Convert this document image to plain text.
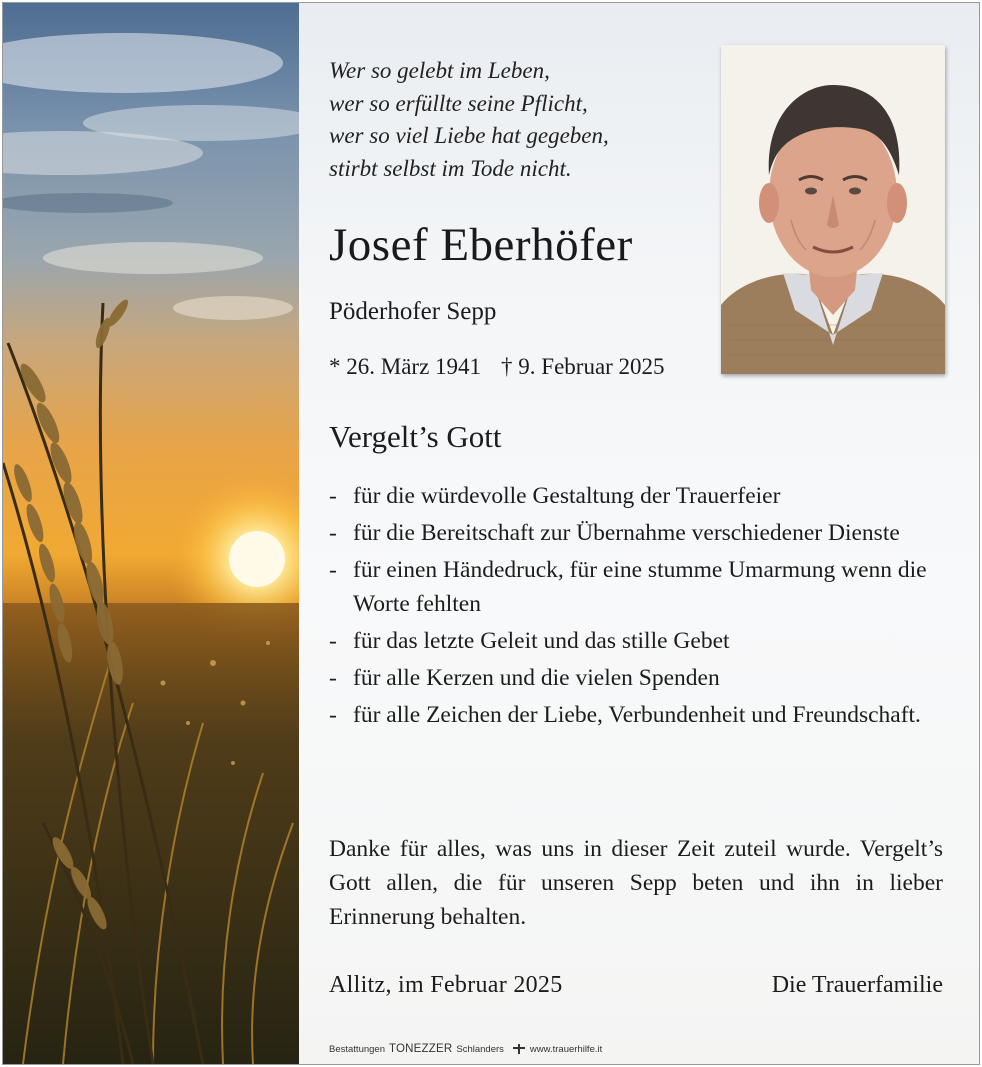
Wer so gelebt im Leben,
wer so erfüllte seine Pflicht,
wer so viel Liebe hat gegeben,
stirbt selbst im Tode nicht.
Josef Eberhöfer
Pöderhofer Sepp
* 26. März 1941 † 9. Februar 2025
Vergelt’s Gott
- für die würdevolle Gestaltung der Trauerfeier
- für die Bereitschaft zur Übernahme verschiedener Dienste
- für einen Händedruck, für eine stumme Umarmung wenn die Worte fehlten
- für das letzte Geleit und das stille Gebet
- für alle Kerzen und die vielen Spenden
- für alle Zeichen der Liebe, Verbundenheit und Freundschaft.
Danke für alles, was uns in dieser Zeit zuteil wurde. Vergelt’s Gott allen, die für unseren Sepp beten und ihn in lieber Erinnerung behalten.
Allitz, im Februar 2025	Die Trauerfamilie
Bestattungen TONEZZER Schlanders	www.trauerhilfe.it
